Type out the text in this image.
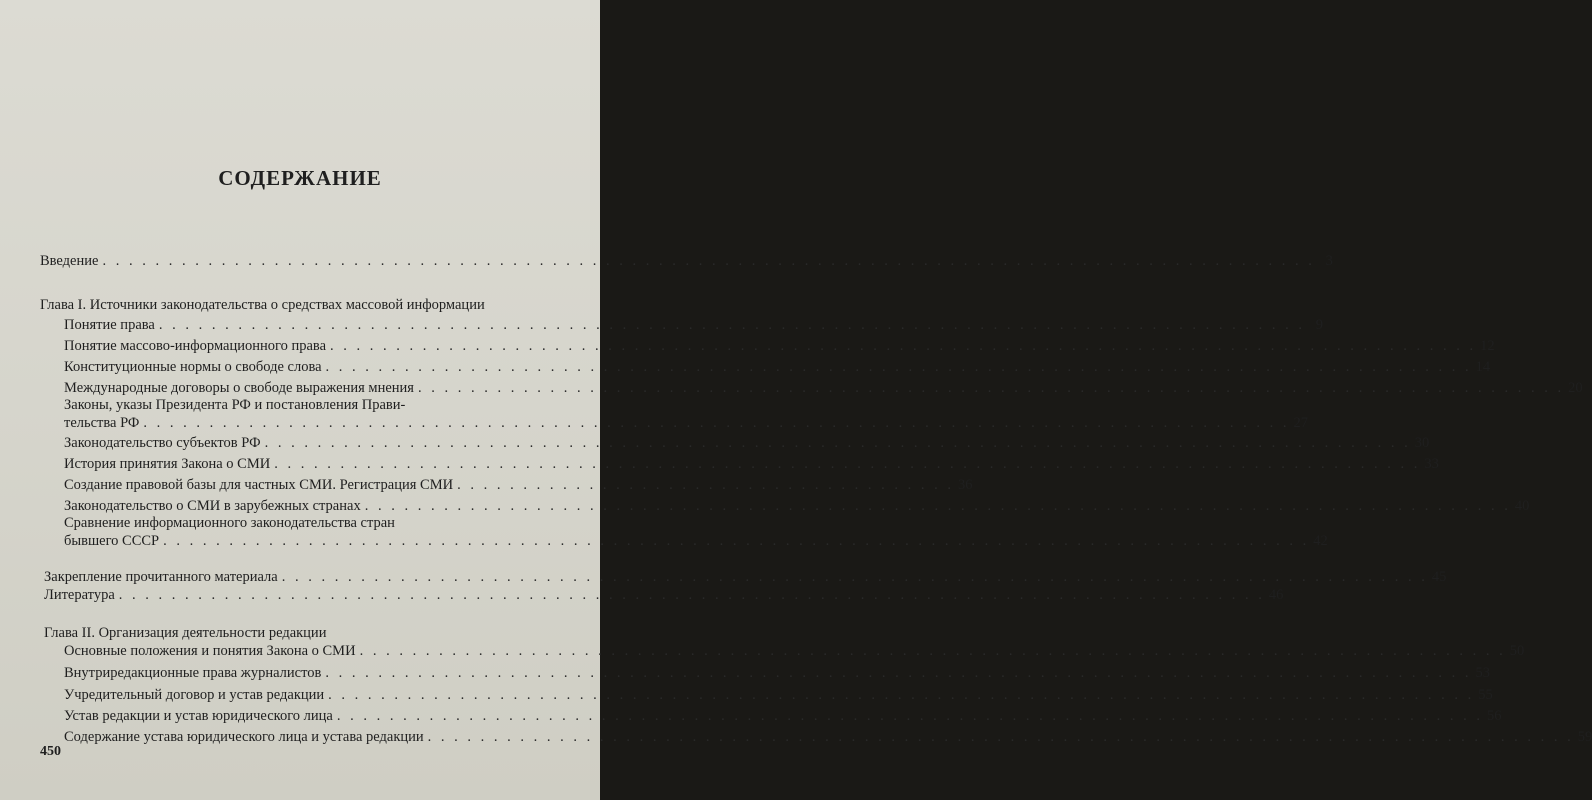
СОДЕРЖАНИЕ
Введение . . . . . . . . . . . . . . . . . . . . . . . . . . . . . . . . . . . . . . . . . . . . . . . . . . . . . . . . . . . . . . . . . . . . . . . . . . . . . . . . . . . . . . . . . . . . 3
Глава I. Источники законодательства о средствах массовой информации
Понятие права . . . . . . . . . . . . . . . . . . . . . . . . . . . . . . . . . . . . . . . . . . . . . . . . . . . . . . . . . . . . . . . . . . . . . . . . . . . . . . . . . . . . . . . 9
Понятие массово-информационного права . . . . . . . . . . . . . . . . . . . . . . . . . . . . . . . . . . . . . . . . . . . . . . . . . . . . . . . . . . . . . . . . . . . . . . . . . . . . . . . . . . . . . . . 12
Конституционные нормы о свободе слова . . . . . . . . . . . . . . . . . . . . . . . . . . . . . . . . . . . . . . . . . . . . . . . . . . . . . . . . . . . . . . . . . . . . . . . . . . . . . . . . . . . . . . . 14
Международные договоры о свободе выражения мнения . . . . . . . . . . . . . . . . . . . . . . . . . . . . . . . . . . . . . . . . . . . . . . . . . . . . . . . . . . . . . . . . . . . . . . . . . . . . . . . . . . . . . . . 20
Законы, указы Президента РФ и постановления Прави-
тельства РФ . . . . . . . . . . . . . . . . . . . . . . . . . . . . . . . . . . . . . . . . . . . . . . . . . . . . . . . . . . . . . . . . . . . . . . . . . . . . . . . . . . . . . . . 27
Законодательство субъектов РФ . . . . . . . . . . . . . . . . . . . . . . . . . . . . . . . . . . . . . . . . . . . . . . . . . . . . . . . . . . . . . . . . . . . . . . . . . . . . . . . . . . . . . . . 30
История принятия Закона о СМИ . . . . . . . . . . . . . . . . . . . . . . . . . . . . . . . . . . . . . . . . . . . . . . . . . . . . . . . . . . . . . . . . . . . . . . . . . . . . . . . . . . . . . . . 33
Создание правовой базы для частных СМИ. Регистрация СМИ . . . . . . . . . . . . . . . . . . . . . . . . . . . . . . . . . . . . . . 36
Законодательство о СМИ в зарубежных странах . . . . . . . . . . . . . . . . . . . . . . . . . . . . . . . . . . . . . . . . . . . . . . . . . . . . . . . . . . . . . . . . . . . . . . . . . . . . . . . . . . . . . . . 40
Сравнение информационного законодательства стран
бывшего СССР . . . . . . . . . . . . . . . . . . . . . . . . . . . . . . . . . . . . . . . . . . . . . . . . . . . . . . . . . . . . . . . . . . . . . . . . . . . . . . . . . . . . . . . 42
Закрепление прочитанного материала . . . . . . . . . . . . . . . . . . . . . . . . . . . . . . . . . . . . . . . . . . . . . . . . . . . . . . . . . . . . . . . . . . . . . . . . . . . . . . . . . . . . . . . 45
Литература . . . . . . . . . . . . . . . . . . . . . . . . . . . . . . . . . . . . . . . . . . . . . . . . . . . . . . . . . . . . . . . . . . . . . . . . . . . . . . . . . . . . . . . 46
Глава II. Организация деятельности редакции
Основные положения и понятия Закона о СМИ . . . . . . . . . . . . . . . . . . . . . . . . . . . . . . . . . . . . . . . . . . . . . . . . . . . . . . . . . . . . . . . . . . . . . . . . . . . . . . . . . . . . . . . 50
Внутриредакционные права журналистов . . . . . . . . . . . . . . . . . . . . . . . . . . . . . . . . . . . . . . . . . . . . . . . . . . . . . . . . . . . . . . . . . . . . . . . . . . . . . . . . . . . . . . . 53
Учредительный договор и устав редакции . . . . . . . . . . . . . . . . . . . . . . . . . . . . . . . . . . . . . . . . . . . . . . . . . . . . . . . . . . . . . . . . . . . . . . . . . . . . . . . . . . . . . . . 55
Устав редакции и устав юридического лица . . . . . . . . . . . . . . . . . . . . . . . . . . . . . . . . . . . . . . . . . . . . . . . . . . . . . . . . . . . . . . . . . . . . . . . . . . . . . . . . . . . . . . . 56
Содержание устава юридического лица и устава редакции . . . . . . . . . . . . . . . . . . . . . . . . . . . . . . . . . . . . . . . . . . . . . . . . . . . . . . . . . . . . . . . . . . . . . . . . . . . . . . . . . . . . . . . 59
450
